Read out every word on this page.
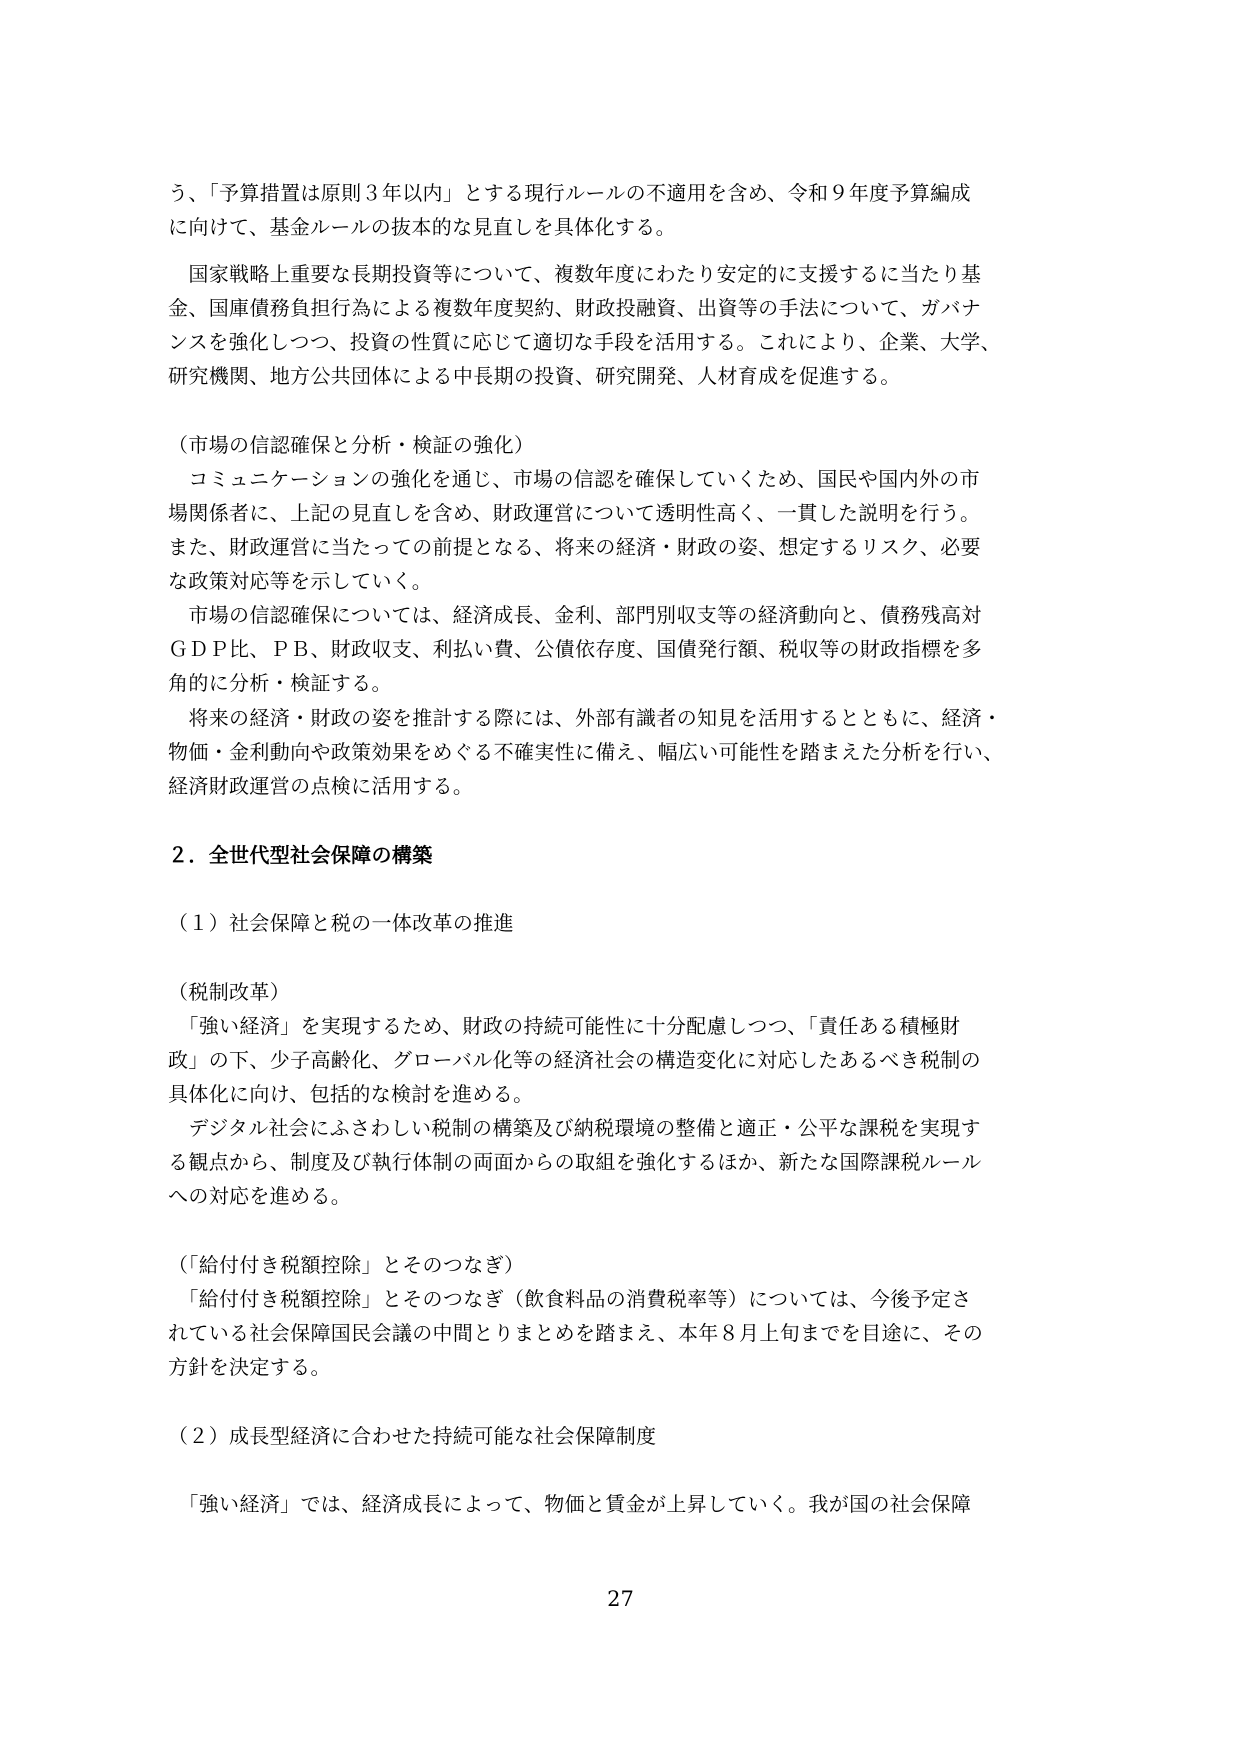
う、「予算措置は原則３年以内」とする現行ルールの不適用を含め、令和９年度予算編成
に向けて、基金ルールの抜本的な見直しを具体化する。
　国家戦略上重要な長期投資等について、複数年度にわたり安定的に支援するに当たり基
金、国庫債務負担行為による複数年度契約、財政投融資、出資等の手法について、ガバナ
ンスを強化しつつ、投資の性質に応じて適切な手段を活用する。これにより、企業、大学、
研究機関、地方公共団体による中長期の投資、研究開発、人材育成を促進する。
（市場の信認確保と分析・検証の強化）
　コミュニケーションの強化を通じ、市場の信認を確保していくため、国民や国内外の市
場関係者に、上記の見直しを含め、財政運営について透明性高く、一貫した説明を行う。
また、財政運営に当たっての前提となる、将来の経済・財政の姿、想定するリスク、必要
な政策対応等を示していく。
　市場の信認確保については、経済成長、金利、部門別収支等の経済動向と、債務残高対
ＧＤＰ比、ＰＢ、財政収支、利払い費、公債依存度、国債発行額、税収等の財政指標を多
角的に分析・検証する。
　将来の経済・財政の姿を推計する際には、外部有識者の知見を活用するとともに、経済・
物価・金利動向や政策効果をめぐる不確実性に備え、幅広い可能性を踏まえた分析を行い、
経済財政運営の点検に活用する。
２．全世代型社会保障の構築
（１）社会保障と税の一体改革の推進
（税制改革）
　「強い経済」を実現するため、財政の持続可能性に十分配慮しつつ、「責任ある積極財
政」の下、少子高齢化、グローバル化等の経済社会の構造変化に対応したあるべき税制の
具体化に向け、包括的な検討を進める。
　デジタル社会にふさわしい税制の構築及び納税環境の整備と適正・公平な課税を実現す
る観点から、制度及び執行体制の両面からの取組を強化するほか、新たな国際課税ルール
への対応を進める。
（「給付付き税額控除」とそのつなぎ）
　「給付付き税額控除」とそのつなぎ（飲食料品の消費税率等）については、今後予定さ
れている社会保障国民会議の中間とりまとめを踏まえ、本年８月上旬までを目途に、その
方針を決定する。
（２）成長型経済に合わせた持続可能な社会保障制度
　「強い経済」では、経済成長によって、物価と賃金が上昇していく。我が国の社会保障
27
